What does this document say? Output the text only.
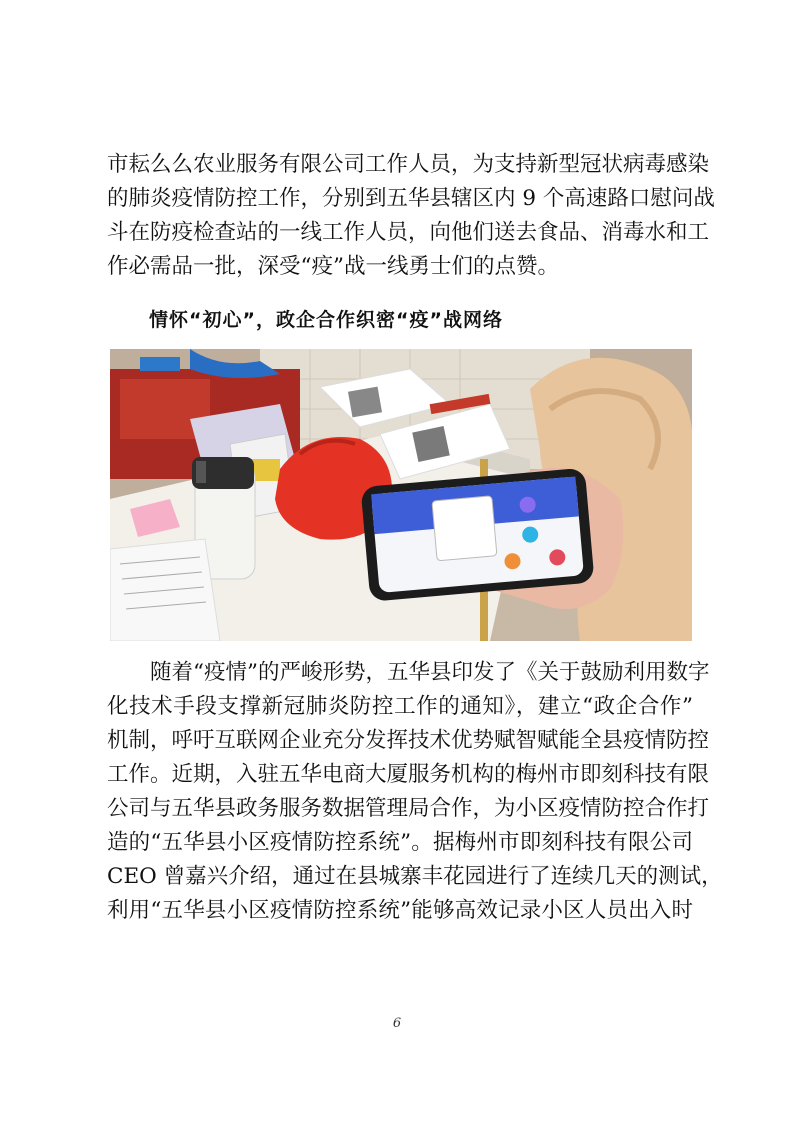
市耘么么农业服务有限公司工作人员，为支持新型冠状病毒感染
的肺炎疫情防控工作，分别到五华县辖区内 9 个高速路口慰问战
斗在防疫检查站的一线工作人员，向他们送去食品、消毒水和工
作必需品一批，深受“疫”战一线勇士们的点赞。
情怀“初心”，政企合作织密“疫”战网络
随着“疫情”的严峻形势，五华县印发了《关于鼓励利用数字
化技术手段支撑新冠肺炎防控工作的通知》，建立“政企合作”
机制，呼吁互联网企业充分发挥技术优势赋智赋能全县疫情防控
工作。近期，入驻五华电商大厦服务机构的梅州市即刻科技有限
公司与五华县政务服务数据管理局合作，为小区疫情防控合作打
造的“五华县小区疫情防控系统”。据梅州市即刻科技有限公司
CEO 曾嘉兴介绍，通过在县城寨丰花园进行了连续几天的测试，
利用“五华县小区疫情防控系统”能够高效记录小区人员出入时
6
